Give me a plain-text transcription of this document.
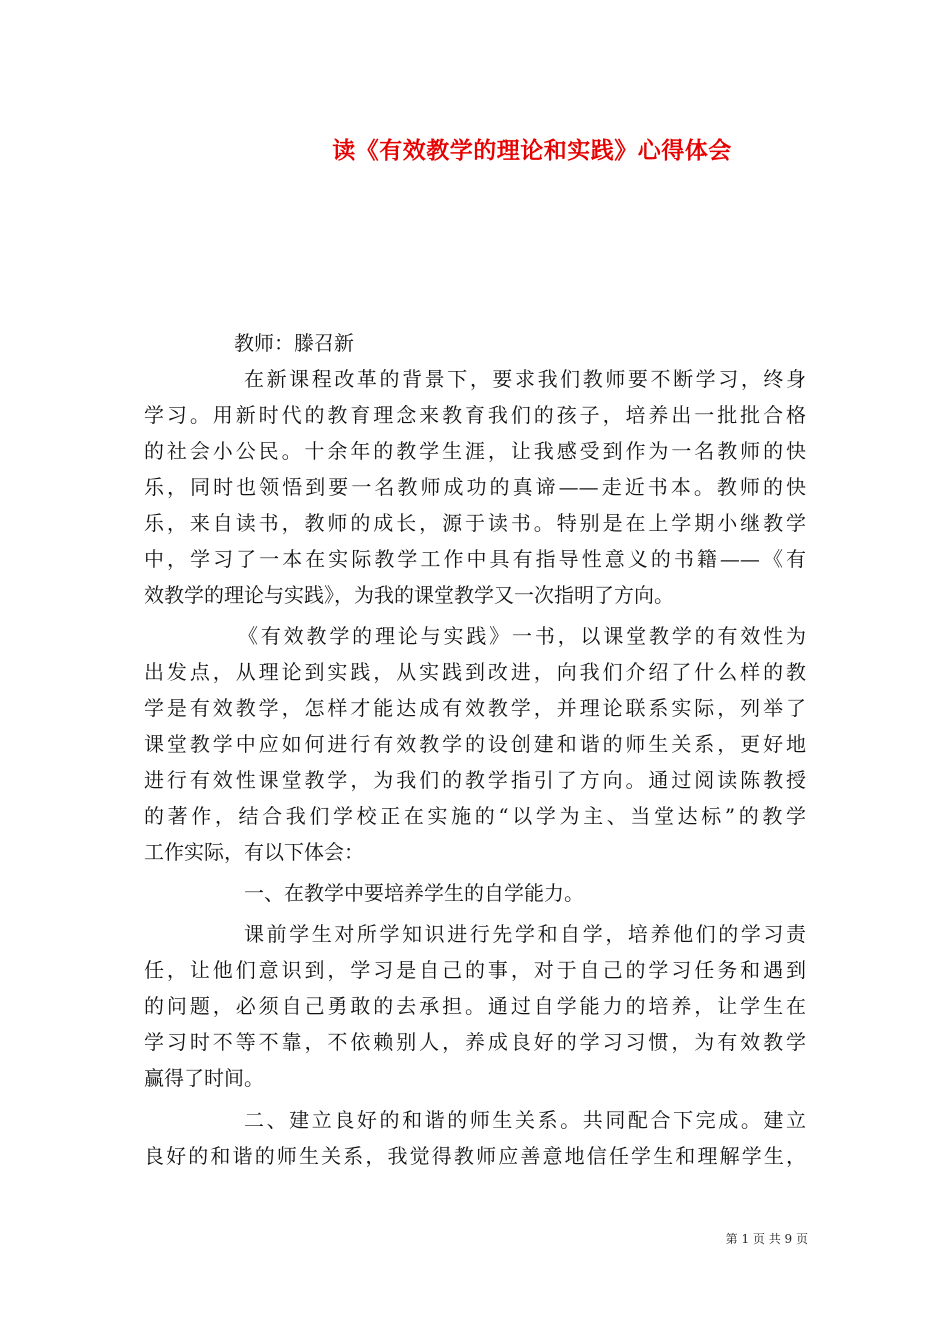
读《有效教学的理论和实践》心得体会
教师：滕召新
在新课程改革的背景下，要求我们教师要不断学习，终身
学习。用新时代的教育理念来教育我们的孩子，培养出一批批合格
的社会小公民。十余年的教学生涯，让我感受到作为一名教师的快
乐，同时也领悟到要一名教师成功的真谛——走近书本。教师的快
乐，来自读书，教师的成长，源于读书。特别是在上学期小继教学
中，学习了一本在实际教学工作中具有指导性意义的书籍——《有
效教学的理论与实践》，为我的课堂教学又一次指明了方向。
《有效教学的理论与实践》一书，以课堂教学的有效性为
出发点，从理论到实践，从实践到改进，向我们介绍了什么样的教
学是有效教学，怎样才能达成有效教学，并理论联系实际，列举了
课堂教学中应如何进行有效教学的设创建和谐的师生关系，更好地
进行有效性课堂教学，为我们的教学指引了方向。通过阅读陈教授
的著作，结合我们学校正在实施的“以学为主、当堂达标”的教学
工作实际，有以下体会：
一、在教学中要培养学生的自学能力。
课前学生对所学知识进行先学和自学，培养他们的学习责
任，让他们意识到，学习是自己的事，对于自己的学习任务和遇到
的问题，必须自己勇敢的去承担。通过自学能力的培养，让学生在
学习时不等不靠，不依赖别人，养成良好的学习习惯，为有效教学
赢得了时间。
二、建立良好的和谐的师生关系。共同配合下完成。建立
良好的和谐的师生关系，我觉得教师应善意地信任学生和理解学生，
第 1 页 共 9 页
